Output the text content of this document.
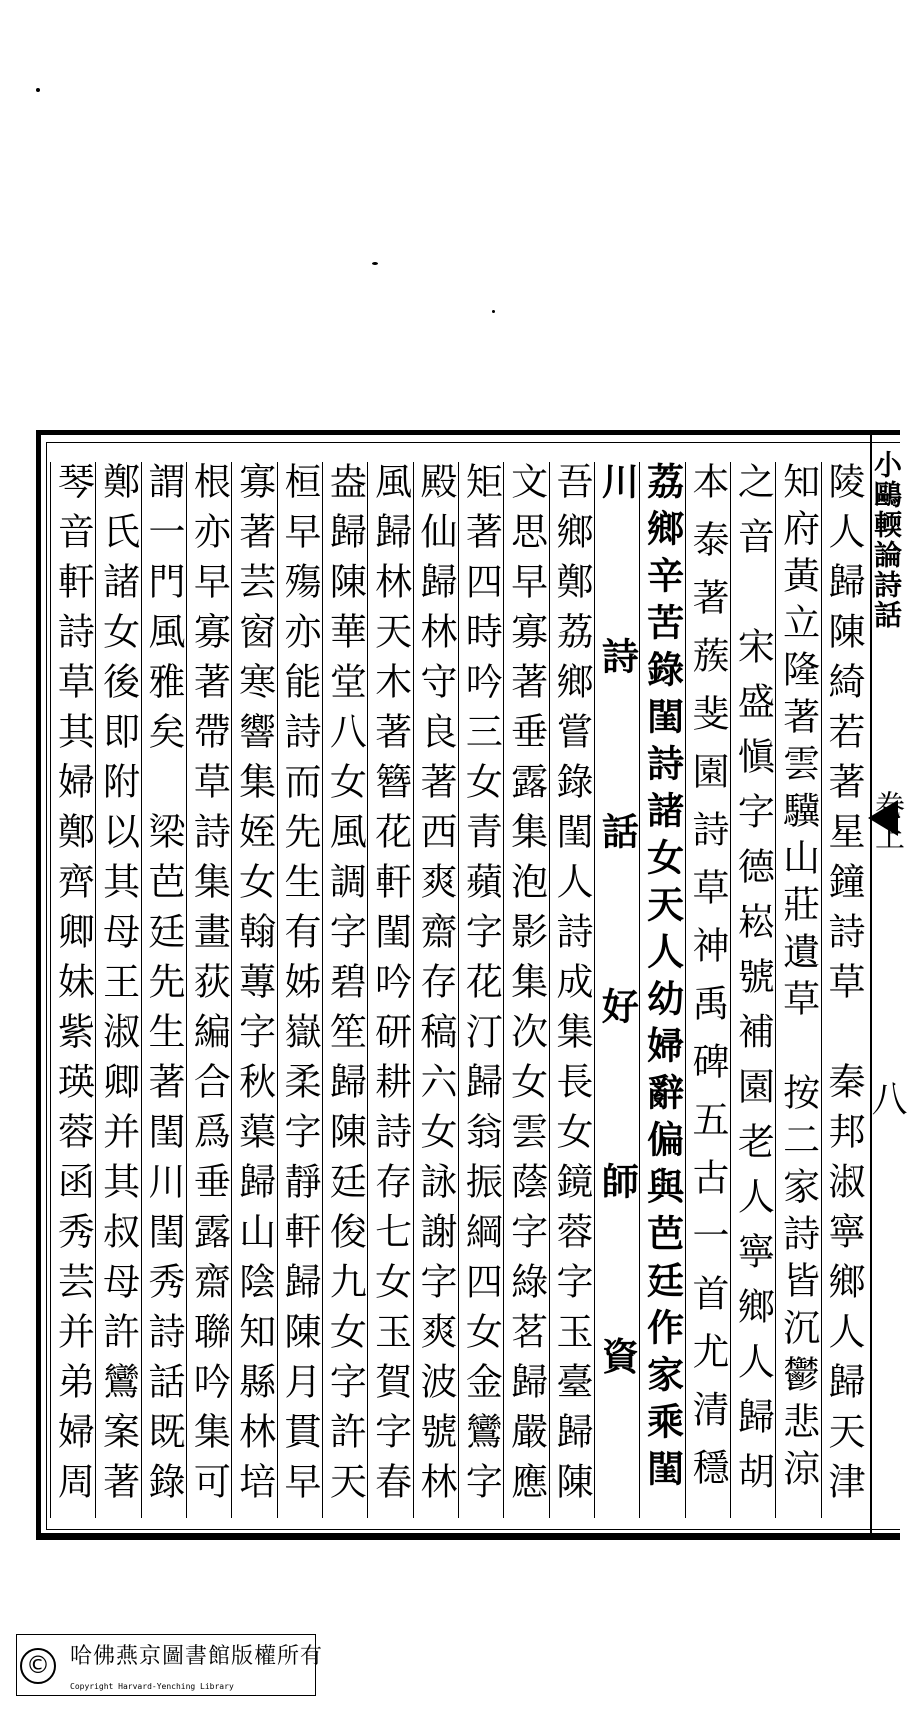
小鷗輭論詩話
卷上
八
© 哈佛燕京圖書館版權所有
Copyright Harvard-Yenching Library
陵人歸陳綺若著星鐘詩草　秦邦淑寧鄉人歸天津
知府黃立隆著雲驥山莊遺草　按二家詩皆沉鬱悲涼
之音　宋盛愼字德崧號補園老人寧鄉人歸胡
本泰著蔟斐園詩草神禹碑五古一首尤清穩
荔鄉辛苦錄閨詩諸女天人幼婦辭偏與芭廷作家乘閨
川詩話好師資
吾鄉鄭荔鄉嘗錄閨人詩成集長女鏡蓉字玉臺歸陳
文思早寡著垂露集泡影集次女雲蔭字綠茗歸嚴應
矩著四時吟三女青蘋字花汀歸翁振綱四女金鸞字
殿仙歸林守良著西爽齋存稿六女詠謝字爽波號林
風歸林天木著簪花軒閨吟研耕詩存七女玉賀字春
盎歸陳華堂八女風調字碧笙歸陳廷俊九女字許天
桓早殤亦能詩而先生有姊嶽柔字靜軒歸陳月貫早
寡著芸窗寒響集姪女翰蓴字秋蕖歸山陰知縣林培
根亦早寡著帶草詩集畫荻編合爲垂露齋聯吟集可
謂一門風雅矣　梁芭廷先生著閨川閨秀詩話既錄
鄭氏諸女後即附以其母王淑卿并其叔母許鸞案著
琴音軒詩草其婦鄭齊卿妹紫瑛蓉函秀芸并弟婦周
